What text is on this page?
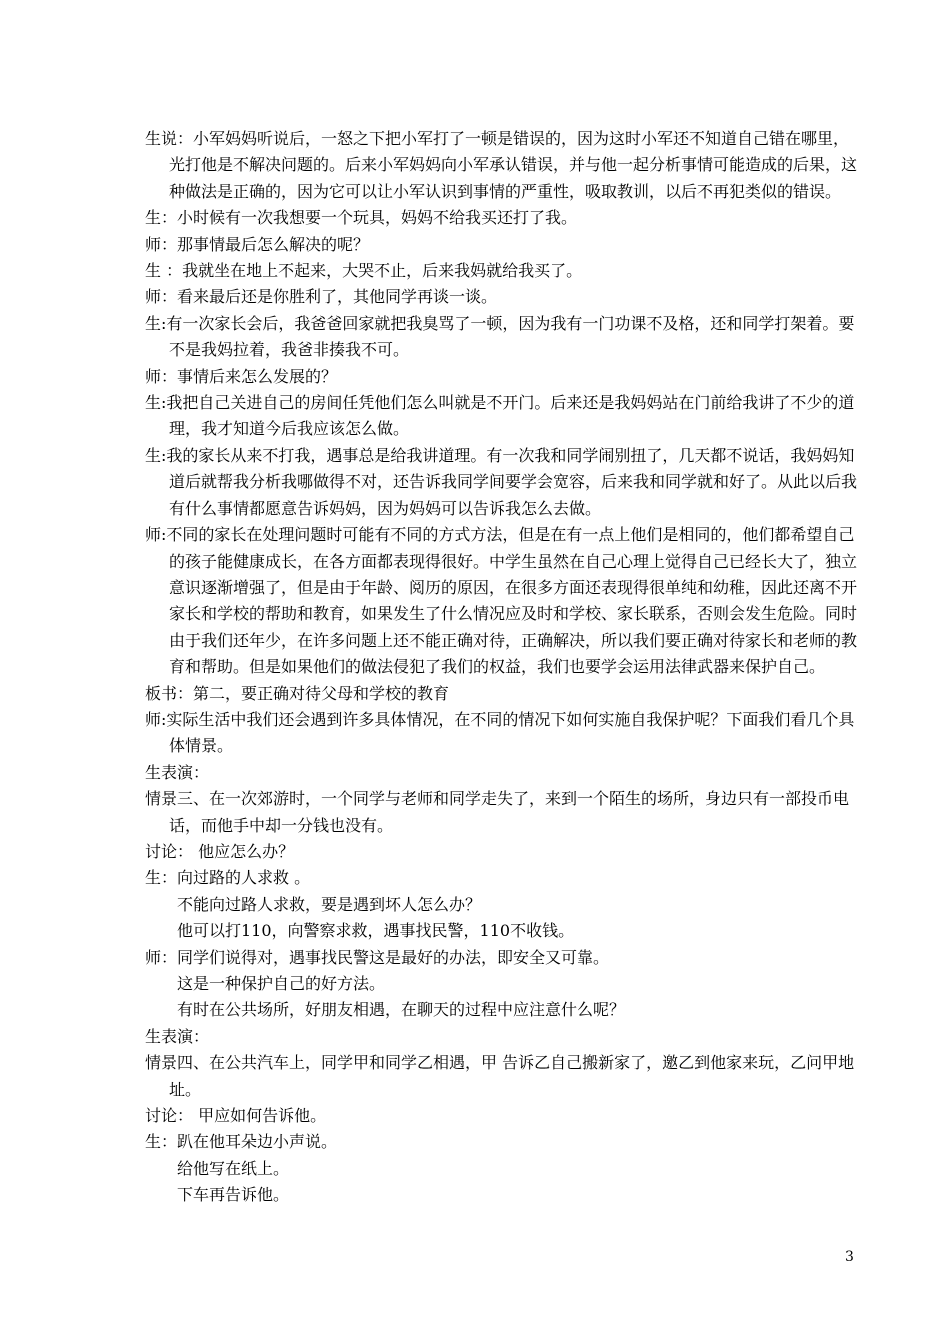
生说：小军妈妈听说后，一怒之下把小军打了一顿是错误的，因为这时小军还不知道自己错在哪里，光打他是不解决问题的。后来小军妈妈向小军承认错误，并与他一起分析事情可能造成的后果，这种做法是正确的，因为它可以让小军认识到事情的严重性，吸取教训，以后不再犯类似的错误。

生：小时候有一次我想要一个玩具，妈妈不给我买还打了我。

师：那事情最后怎么解决的呢？

生 ：我就坐在地上不起来，大哭不止，后来我妈就给我买了。

师：看来最后还是你胜利了，其他同学再谈一谈。

生:有一次家长会后，我爸爸回家就把我臭骂了一顿，因为我有一门功课不及格，还和同学打架着。要不是我妈拉着，我爸非揍我不可。

师：事情后来怎么发展的？

生:我把自己关进自己的房间任凭他们怎么叫就是不开门。后来还是我妈妈站在门前给我讲了不少的道理，我才知道今后我应该怎么做。

生:我的家长从来不打我，遇事总是给我讲道理。有一次我和同学闹别扭了，几天都不说话，我妈妈知道后就帮我分析我哪做得不对，还告诉我同学间要学会宽容，后来我和同学就和好了。从此以后我有什么事情都愿意告诉妈妈，因为妈妈可以告诉我怎么去做。

师:不同的家长在处理问题时可能有不同的方式方法，但是在有一点上他们是相同的，他们都希望自己的孩子能健康成长，在各方面都表现得很好。中学生虽然在自己心理上觉得自己已经长大了，独立意识逐渐增强了，但是由于年龄、阅历的原因，在很多方面还表现得很单纯和幼稚，因此还离不开家长和学校的帮助和教育，如果发生了什么情况应及时和学校、家长联系，否则会发生危险。同时由于我们还年少，在许多问题上还不能正确对待，正确解决，所以我们要正确对待家长和老师的教育和帮助。但是如果他们的做法侵犯了我们的权益，我们也要学会运用法律武器来保护自己。

板书：第二，要正确对待父母和学校的教育

师:实际生活中我们还会遇到许多具体情况，在不同的情况下如何实施自我保护呢？下面我们看几个具体情景。

生表演：

情景三、在一次郊游时，一个同学与老师和同学走失了，来到一个陌生的场所，身边只有一部投币电话，而他手中却一分钱也没有。

讨论： 他应怎么办？

生：向过路的人求救 。

不能向过路人求救，要是遇到坏人怎么办？

他可以打110，向警察求救，遇事找民警，110不收钱。

师：同学们说得对，遇事找民警这是最好的办法，即安全又可靠。

这是一种保护自己的好方法。

有时在公共场所，好朋友相遇，在聊天的过程中应注意什么呢？

生表演：

情景四、在公共汽车上，同学甲和同学乙相遇，甲 告诉乙自己搬新家了，邀乙到他家来玩，乙问甲地址。

讨论： 甲应如何告诉他。

生：趴在他耳朵边小声说。

给他写在纸上。

下车再告诉他。

3
